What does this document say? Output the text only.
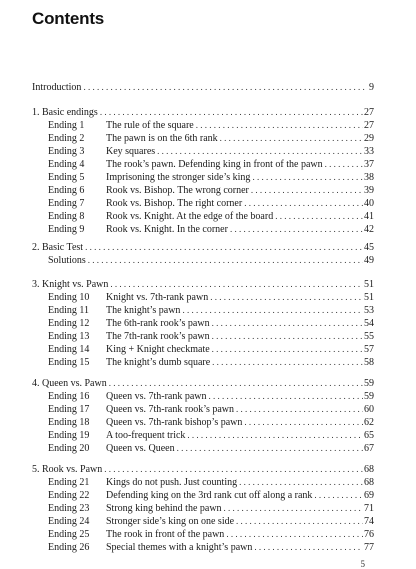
Contents
Introduction . . .	9
1. Basic endings . . .	27
Ending 1	The rule of the square . . .	27
Ending 2	The pawn is on the 6th rank . . .	29
Ending 3	Key squares . . .	33
Ending 4	The rook’s pawn. Defending king in front of the pawn . . .	37
Ending 5	Imprisoning the stronger side’s king . . .	38
Ending 6	Rook vs. Bishop. The wrong corner . . .	39
Ending 7	Rook vs. Bishop. The right corner . . .	40
Ending 8	Rook vs. Knight. At the edge of the board . . .	41
Ending 9	Rook vs. Knight. In the corner . . .	42
2. Basic Test . . .	45
Solutions . . .	49
3. Knight vs. Pawn . . .	51
Ending 10	Knight vs. 7th-rank pawn . . .	51
Ending 11	The knight’s pawn . . .	53
Ending 12	The 6th-rank rook’s pawn . . .	54
Ending 13	The 7th-rank rook’s pawn . . .	55
Ending 14	King + Knight checkmate . . .	57
Ending 15	The knight’s dumb square . . .	58
4. Queen vs. Pawn . . .	59
Ending 16	Queen vs. 7th-rank pawn . . .	59
Ending 17	Queen vs. 7th-rank rook’s pawn . . .	60
Ending 18	Queen vs. 7th-rank bishop’s pawn . . .	62
Ending 19	A too-frequent trick . . .	65
Ending 20	Queen vs. Queen . . .	67
5. Rook vs. Pawn . . .	68
Ending 21	Kings do not push. Just counting . . .	68
Ending 22	Defending king on the 3rd rank cut off along a rank . . .	69
Ending 23	Strong king behind the pawn . . .	71
Ending 24	Stronger side’s king on one side . . .	74
Ending 25	The rook in front of the pawn . . .	76
Ending 26	Special themes with a knight’s pawn . . .	77
5
